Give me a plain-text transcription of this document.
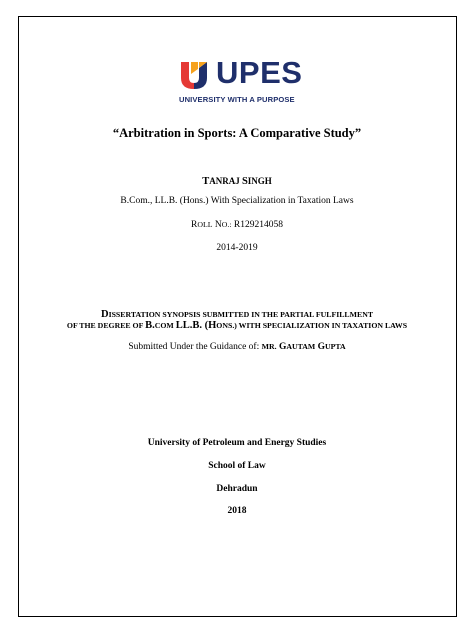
UPES
UNIVERSITY WITH A PURPOSE
“Arbitration in Sports: A Comparative Study”
TANRAJ SINGH
B.Com., LL.B. (Hons.) With Specialization in Taxation Laws
ROLL NO.: R129214058
2014-2019
DISSERTATION SYNOPSIS SUBMITTED IN THE PARTIAL FULFILLMENT
OF THE DEGREE OF B.COM LL.B. (HONS.) WITH SPECIALIZATION IN TAXATION LAWS
Submitted Under the Guidance of: MR. GAUTAM GUPTA
University of Petroleum and Energy Studies
School of Law
Dehradun
2018
